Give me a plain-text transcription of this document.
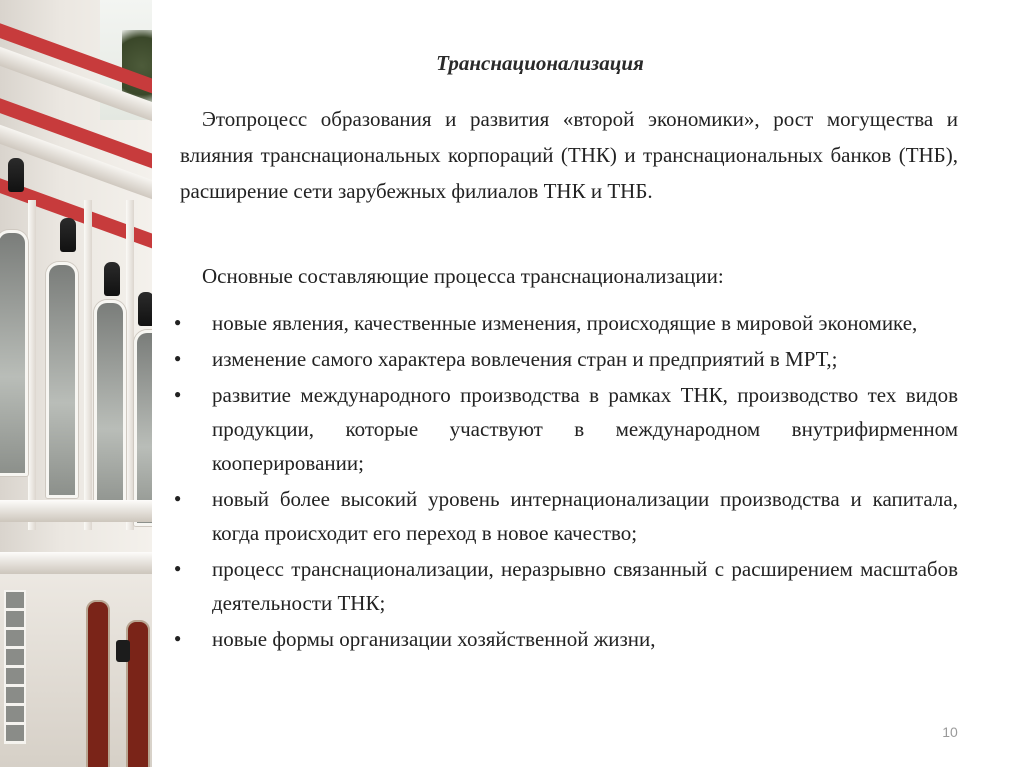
Транснационализация

Этопроцесс образования и развития «второй экономики», рост могущества и влияния транснациональных корпораций (ТНК) и транснациональных банков (ТНБ), расширение сети зарубежных филиалов ТНК и ТНБ.

Основные составляющие процесса транснационализации:

● новые явления, качественные изменения, происходящие в мировой экономике,
● изменение самого характера вовлечения стран и предприятий в МРТ,;
● развитие международного производства в рамках ТНК, производство тех видов продукции, которые участвуют в международном внутрифирменном кооперировании;
● новый более высокий уровень интернационализации производства и капитала, когда происходит его переход в новое качество;
● процесс транснационализации, неразрывно связанный с расширением масштабов деятельности ТНК;
● новые формы организации хозяйственной жизни,
10
